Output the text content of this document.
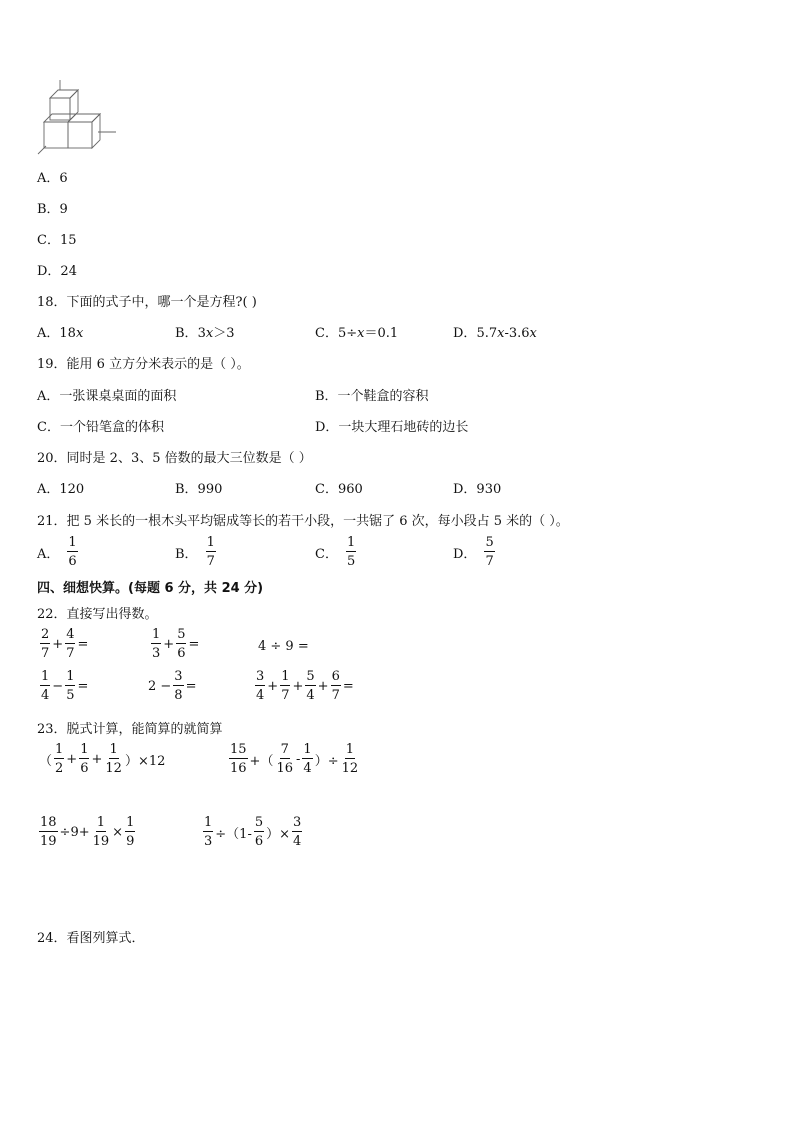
A．6
B．9
C．15
D．24
18．下面的式子中，哪一个是方程?( )
A．18x	B．3x＞3	C．5÷x＝0.1	D．5.7x-3.6x
19．能用 6 立方分米表示的是（ ）。
A．一张课桌桌面的面积	B．一个鞋盒的容积
C．一个铅笔盒的体积	D．一块大理石地砖的边长
20．同时是 2、3、5 倍数的最大三位数是（ ）
A．120	B．990	C．960	D．930
21．把 5 米长的一根木头平均锯成等长的若干小段，一共锯了 6 次，每小段占 5 米的（ ）。
A． $\frac{1}{6}$	B． $\frac{1}{7}$	C． $\frac{1}{5}$	D． $\frac{5}{7}$
四、细想快算。(每题 6 分，共 24 分)
22．直接写出得数。
$\frac{2}{7} + \frac{4}{7}$ =	$\frac{1}{3} + \frac{5}{6}$ =	4 ÷ 9 =
$\frac{1}{4} - \frac{1}{5}$ =	$2 - \frac{3}{8}$ =	$\frac{3}{4} + \frac{1}{7} + \frac{5}{4} + \frac{6}{7}$ =
23．脱式计算，能简算的就简算
（ $\frac{1}{2} + \frac{1}{6} + \frac{1}{12} )\times 12$	$\frac{15}{16}$ +（ $\frac{7}{16} - \frac{1}{4}$ ）÷ $\frac{1}{12}$
$\frac{18}{19} \div 9+ \frac{1}{19} \times \frac{1}{9}$	$\frac{1}{3} \div(1- \frac{5}{6}$ ）× $\frac{3}{4}$
24．看图列算式．
